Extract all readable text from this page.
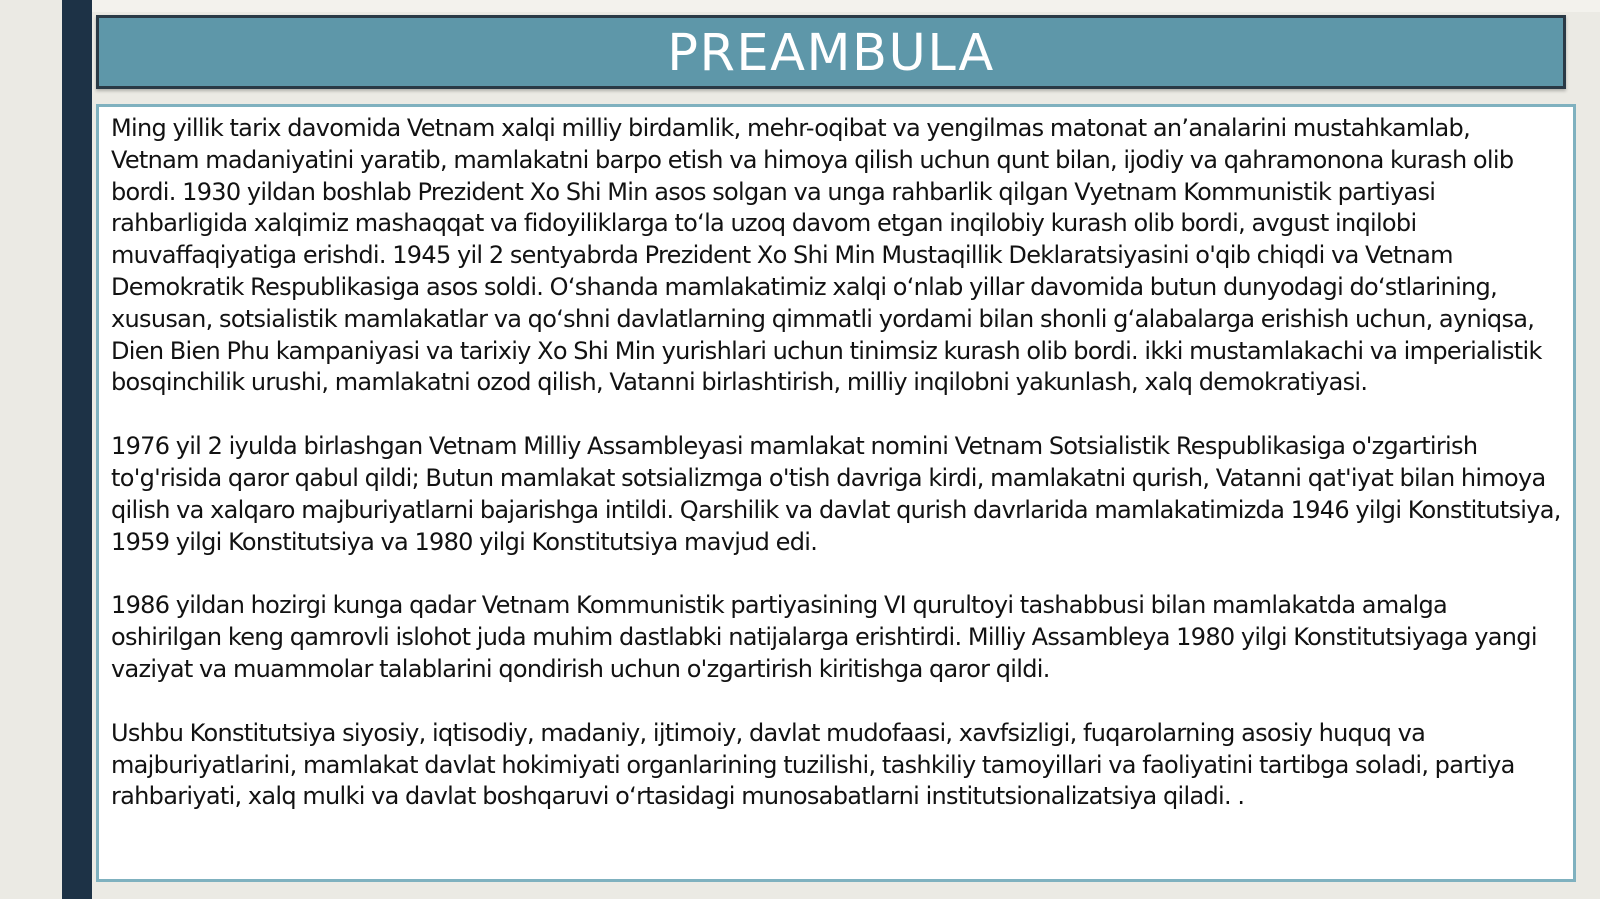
PREAMBULA

Ming yillik tarix davomida Vetnam xalqi milliy birdamlik, mehr-oqibat va yengilmas matonat an’analarini mustahkamlab, Vetnam madaniyatini yaratib, mamlakatni barpo etish va himoya qilish uchun qunt bilan, ijodiy va qahramonona kurash olib bordi. 1930 yildan boshlab Prezident Xo Shi Min asos solgan va unga rahbarlik qilgan Vyetnam Kommunistik partiyasi rahbarligida xalqimiz mashaqqat va fidoyiliklarga to‘la uzoq davom etgan inqilobiy kurash olib bordi, avgust inqilobi muvaffaqiyatiga erishdi. 1945 yil 2 sentyabrda Prezident Xo Shi Min Mustaqillik Deklaratsiyasini o'qib chiqdi va Vetnam Demokratik Respublikasiga asos soldi. O‘shanda mamlakatimiz xalqi o‘nlab yillar davomida butun dunyodagi do‘stlarining, xususan, sotsialistik mamlakatlar va qo‘shni davlatlarning qimmatli yordami bilan shonli g‘alabalarga erishish uchun, ayniqsa, Dien Bien Phu kampaniyasi va tarixiy Xo Shi Min yurishlari uchun tinimsiz kurash olib bordi. ikki mustamlakachi va imperialistik bosqinchilik urushi, mamlakatni ozod qilish, Vatanni birlashtirish, milliy inqilobni yakunlash, xalq demokratiyasi.

1976 yil 2 iyulda birlashgan Vetnam Milliy Assambleyasi mamlakat nomini Vetnam Sotsialistik Respublikasiga o'zgartirish to'g'risida qaror qabul qildi; Butun mamlakat sotsializmga o'tish davriga kirdi, mamlakatni qurish, Vatanni qat'iyat bilan himoya qilish va xalqaro majburiyatlarni bajarishga intildi. Qarshilik va davlat qurish davrlarida mamlakatimizda 1946 yilgi Konstitutsiya, 1959 yilgi Konstitutsiya va 1980 yilgi Konstitutsiya mavjud edi.

1986 yildan hozirgi kunga qadar Vetnam Kommunistik partiyasining VI qurultoyi tashabbusi bilan mamlakatda amalga oshirilgan keng qamrovli islohot juda muhim dastlabki natijalarga erishtirdi. Milliy Assambleya 1980 yilgi Konstitutsiyaga yangi vaziyat va muammolar talablarini qondirish uchun o'zgartirish kiritishga qaror qildi.

Ushbu Konstitutsiya siyosiy, iqtisodiy, madaniy, ijtimoiy, davlat mudofaasi, xavfsizligi, fuqarolarning asosiy huquq va majburiyatlarini, mamlakat davlat hokimiyati organlarining tuzilishi, tashkiliy tamoyillari va faoliyatini tartibga soladi, partiya rahbariyati, xalq mulki va davlat boshqaruvi o‘rtasidagi munosabatlarni institutsionalizatsiya qiladi. .
